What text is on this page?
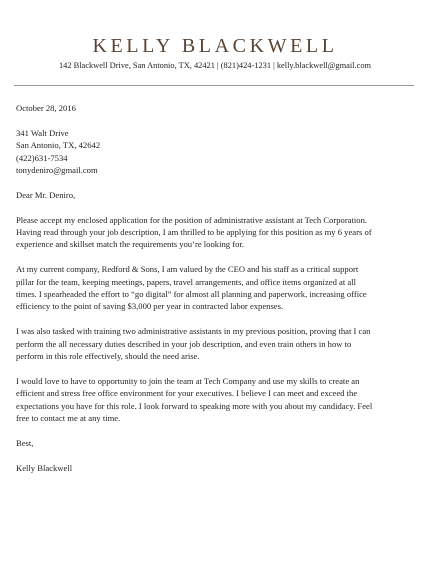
KELLY BLACKWELL
142 Blackwell Drive, San Antonio, TX, 42421 | (821)424-1231 | kelly.blackwell@gmail.com

October 28, 2016

341 Walt Drive
San Antonio, TX, 42642
(422)631-7534
tonydeniro@gmail.com

Dear Mr. Deniro,

Please accept my enclosed application for the position of administrative assistant at Tech Corporation.
Having read through your job description, I am thrilled to be applying for this position as my 6 years of
experience and skillset match the requirements you’re looking for.
At my current company, Redford & Sons, I am valued by the CEO and his staff as a critical support
pillar for the team, keeping meetings, papers, travel arrangements, and office items organized at all
times. I spearheaded the effort to “go digital” for almost all planning and paperwork, increasing office
efficiency to the point of saving $3,000 per year in contracted labor expenses.
I was also tasked with training two administrative assistants in my previous position, proving that I can
perform the all necessary duties described in your job description, and even train others in how to
perform in this role effectively, should the need arise.
I would love to have to opportunity to join the team at Tech Company and use my skills to create an
efficient and stress free office environment for your executives. I believe I can meet and exceed the
expectations you have for this role. I look forward to speaking more with you about my candidacy. Feel
free to contact me at any time.

Best,

Kelly Blackwell
